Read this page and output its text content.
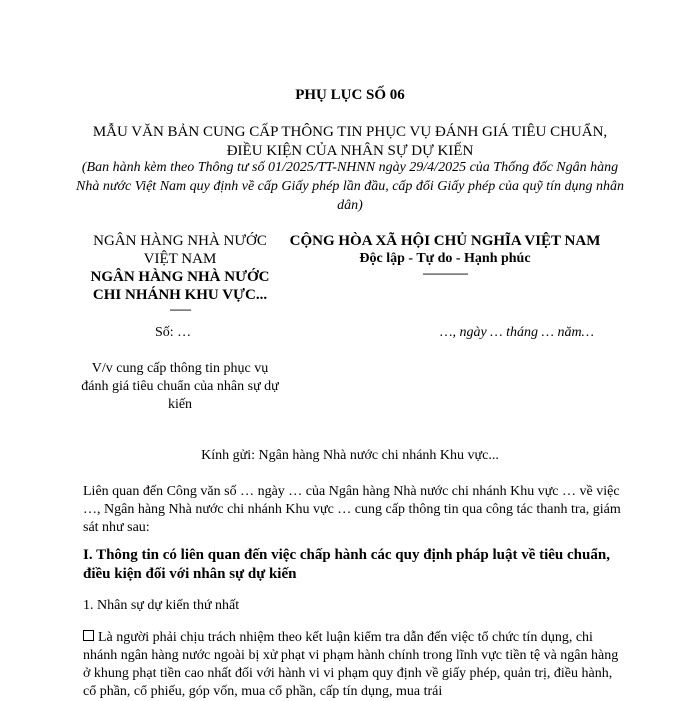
PHỤ LỤC SỐ 06
MẪU VĂN BẢN CUNG CẤP THÔNG TIN PHỤC VỤ ĐÁNH GIÁ TIÊU CHUẨN,
ĐIỀU KIỆN CỦA NHÂN SỰ DỰ KIẾN
(Ban hành kèm theo Thông tư số 01/2025/TT-NHNN ngày 29/4/2025 của Thống đốc Ngân hàng Nhà nước Việt Nam quy định về cấp Giấy phép lần đầu, cấp đổi Giấy phép của quỹ tín dụng nhân dân)
NGÂN HÀNG NHÀ NƯỚC VIỆT NAM
NGÂN HÀNG NHÀ NƯỚC CHI NHÁNH KHU VỰC...
-------
CỘNG HÒA XÃ HỘI CHỦ NGHĨA VIỆT NAM
Độc lập - Tự do - Hạnh phúc
---------------
Số: …	…, ngày … tháng … năm…
V/v cung cấp thông tin phục vụ đánh giá tiêu chuẩn của nhân sự dự kiến
Kính gửi: Ngân hàng Nhà nước chi nhánh Khu vực...
Liên quan đến Công văn số … ngày … của Ngân hàng Nhà nước chi nhánh Khu vực … về việc …, Ngân hàng Nhà nước chi nhánh Khu vực … cung cấp thông tin qua công tác thanh tra, giám sát như sau:
I. Thông tin có liên quan đến việc chấp hành các quy định pháp luật về tiêu chuẩn, điều kiện đối với nhân sự dự kiến
1. Nhân sự dự kiến thứ nhất
Là người phải chịu trách nhiệm theo kết luận kiểm tra dẫn đến việc tổ chức tín dụng, chi nhánh ngân hàng nước ngoài bị xử phạt vi phạm hành chính trong lĩnh vực tiền tệ và ngân hàng ở khung phạt tiền cao nhất đối với hành vi vi phạm quy định về giấy phép, quản trị, điều hành, cổ phần, cổ phiếu, góp vốn, mua cổ phần, cấp tín dụng, mua trái
